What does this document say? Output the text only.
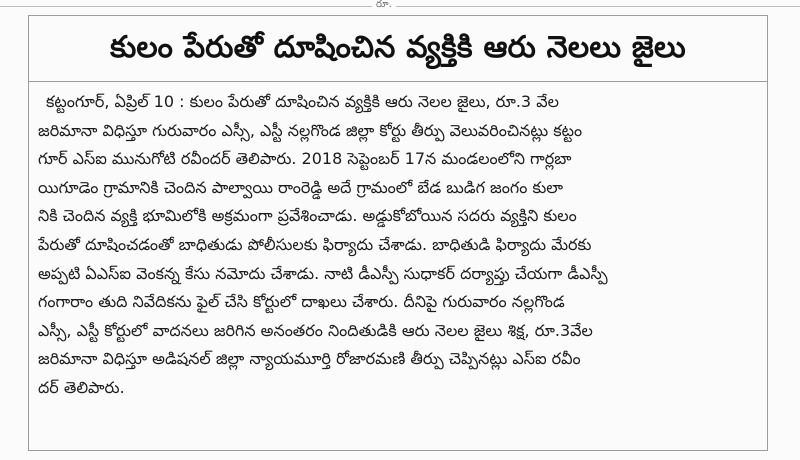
రూ.
కులం పేరుతో దూషించిన వ్యక్తికి ఆరు నెలలు జైలు
కట్టంగూర్, ఏప్రిల్ 10 : కులం పేరుతో దూషించిన వ్యక్తికి ఆరు నెలల జైలు, రూ.3 వేల
జరిమానా విధిస్తూ గురువారం ఎస్సీ, ఎస్టీ నల్లగొండ జిల్లా కోర్టు తీర్పు వెలువరించినట్లు కట్టం
గూర్ ఎస్ఐ మునుగోటి రవీందర్ తెలిపారు. 2018 సెప్టెంబర్ 17న మండలంలోని గార్లబా
యిగూడెం గ్రామానికి చెందిన పాల్వాయి రాంరెడ్డి అదే గ్రామంలో బేడ బుడిగ జంగం కులా
నికి చెందిన వ్యక్తి భూమిలోకి అక్రమంగా ప్రవేశించాడు. అడ్డుకోబోయిన సదరు వ్యక్తిని కులం
పేరుతో దూషించడంతో బాధితుడు పోలీసులకు ఫిర్యాదు చేశాడు. బాధితుడి ఫిర్యాదు మేరకు
అప్పటి ఏఎస్ఐ వెంకన్న కేసు నమోదు చేశాడు. నాటి డీఎస్పీ సుధాకర్ దర్యాప్తు చేయగా డీఎస్పీ
గంగారాం తుది నివేదికను ఫైల్ చేసి కోర్టులో దాఖలు చేశారు. దీనిపై గురువారం నల్లగొండ
ఎస్సీ, ఎస్టీ కోర్టులో వాదనలు జరిగిన అనంతరం నిందితుడికి ఆరు నెలల జైలు శిక్ష, రూ.3వేల
జరిమానా విధిస్తూ అడిషనల్ జిల్లా న్యాయమూర్తి రోజారమణి తీర్పు చెప్పినట్లు ఎస్ఐ రవీం
దర్ తెలిపారు.
